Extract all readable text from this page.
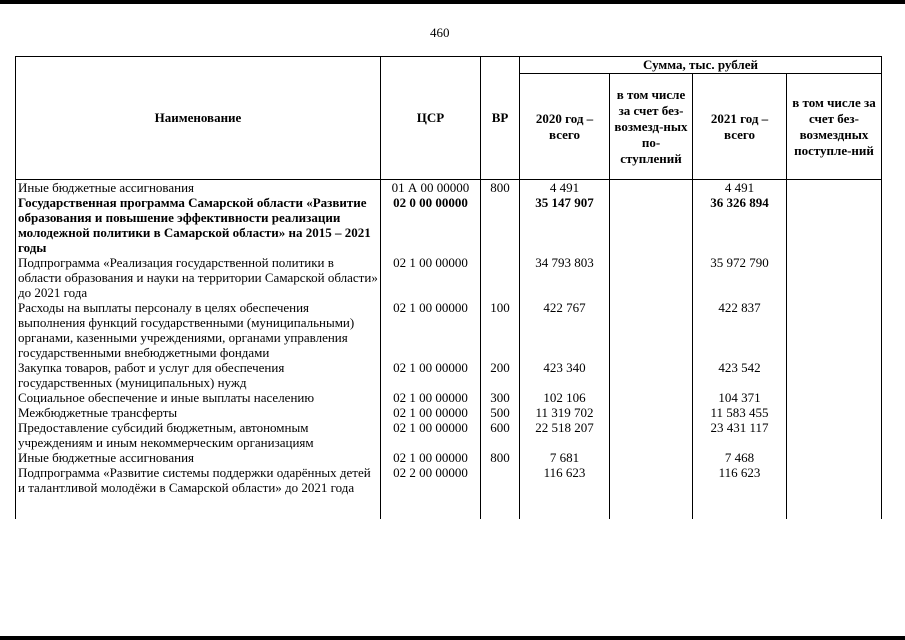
460
Наименование	ЦСР	ВР	Сумма, тыс. рублей			
			2020 год – всего	в том числе за счет без-возмезд-ных по-ступлений	2021 год – всего	в том числе за счет без-возмездных поступле-ний
Иные бюджетные ассигнования	01 А 00 00000	800	4 491		4 491	
Государственная программа Самарской области «Развитие образования и повышение эффективности реализации молодежной политики в Самарской области» на 2015 – 2021 годы	02 0 00 00000		35 147 907		36 326 894	
Подпрограмма «Реализация государственной политики в области образования и науки на территории Самарской области» до 2021 года	02 1 00 00000		34 793 803		35 972 790	
Расходы на выплаты персоналу в целях обеспечения выполнения функций государственными (муниципальными) органами, казенными учреждениями, органами управления государственными внебюджетными фондами	02 1 00 00000	100	422 767		422 837	
Закупка товаров, работ и услуг для обеспечения государственных (муниципальных) нужд	02 1 00 00000	200	423 340		423 542	
Социальное обеспечение и иные выплаты населению	02 1 00 00000	300	102 106		104 371	
Межбюджетные трансферты	02 1 00 00000	500	11 319 702		11 583 455	
Предоставление субсидий бюджетным, автономным учреждениям и иным некоммерческим организациям	02 1 00 00000	600	22 518 207		23 431 117	
Иные бюджетные ассигнования	02 1 00 00000	800	7 681		7 468	
Подпрограмма «Развитие системы поддержки одарённых детей и талантливой молодёжи в Самарской области» до 2021 года	02 2 00 00000		116 623		116 623	
